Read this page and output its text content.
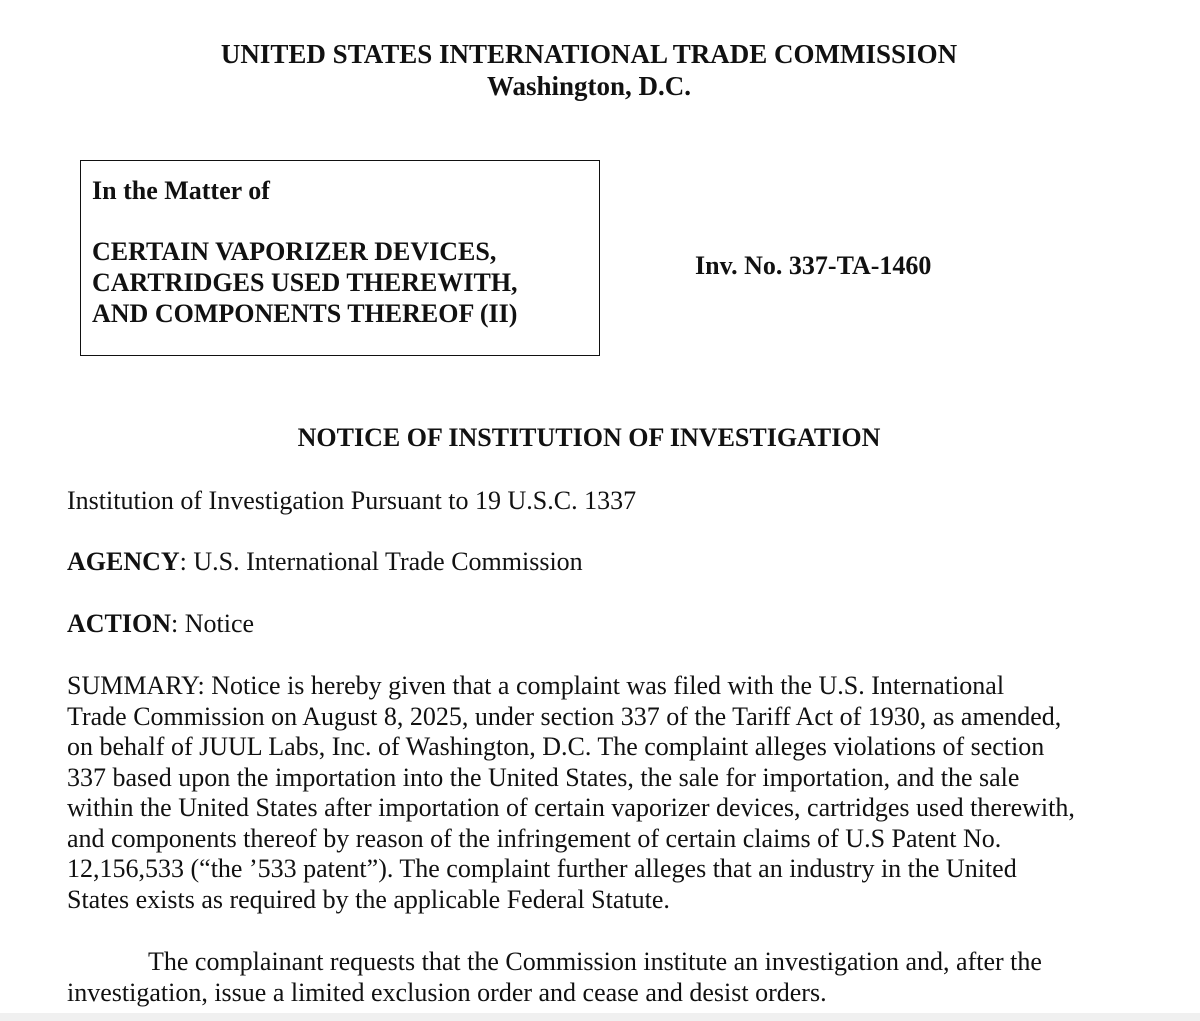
UNITED STATES INTERNATIONAL TRADE COMMISSION
Washington, D.C.
In the Matter of
CERTAIN VAPORIZER DEVICES,
CARTRIDGES USED THEREWITH,
AND COMPONENTS THEREOF (II)
Inv. No. 337-TA-1460
NOTICE OF INSTITUTION OF INVESTIGATION
Institution of Investigation Pursuant to 19 U.S.C. 1337
AGENCY: U.S. International Trade Commission
ACTION: Notice
SUMMARY: Notice is hereby given that a complaint was filed with the U.S. International
Trade Commission on August 8, 2025, under section 337 of the Tariff Act of 1930, as amended,
on behalf of JUUL Labs, Inc. of Washington, D.C. The complaint alleges violations of section
337 based upon the importation into the United States, the sale for importation, and the sale
within the United States after importation of certain vaporizer devices, cartridges used therewith,
and components thereof by reason of the infringement of certain claims of U.S Patent No.
12,156,533 (“the ’533 patent”). The complaint further alleges that an industry in the United
States exists as required by the applicable Federal Statute.
The complainant requests that the Commission institute an investigation and, after the
investigation, issue a limited exclusion order and cease and desist orders.
